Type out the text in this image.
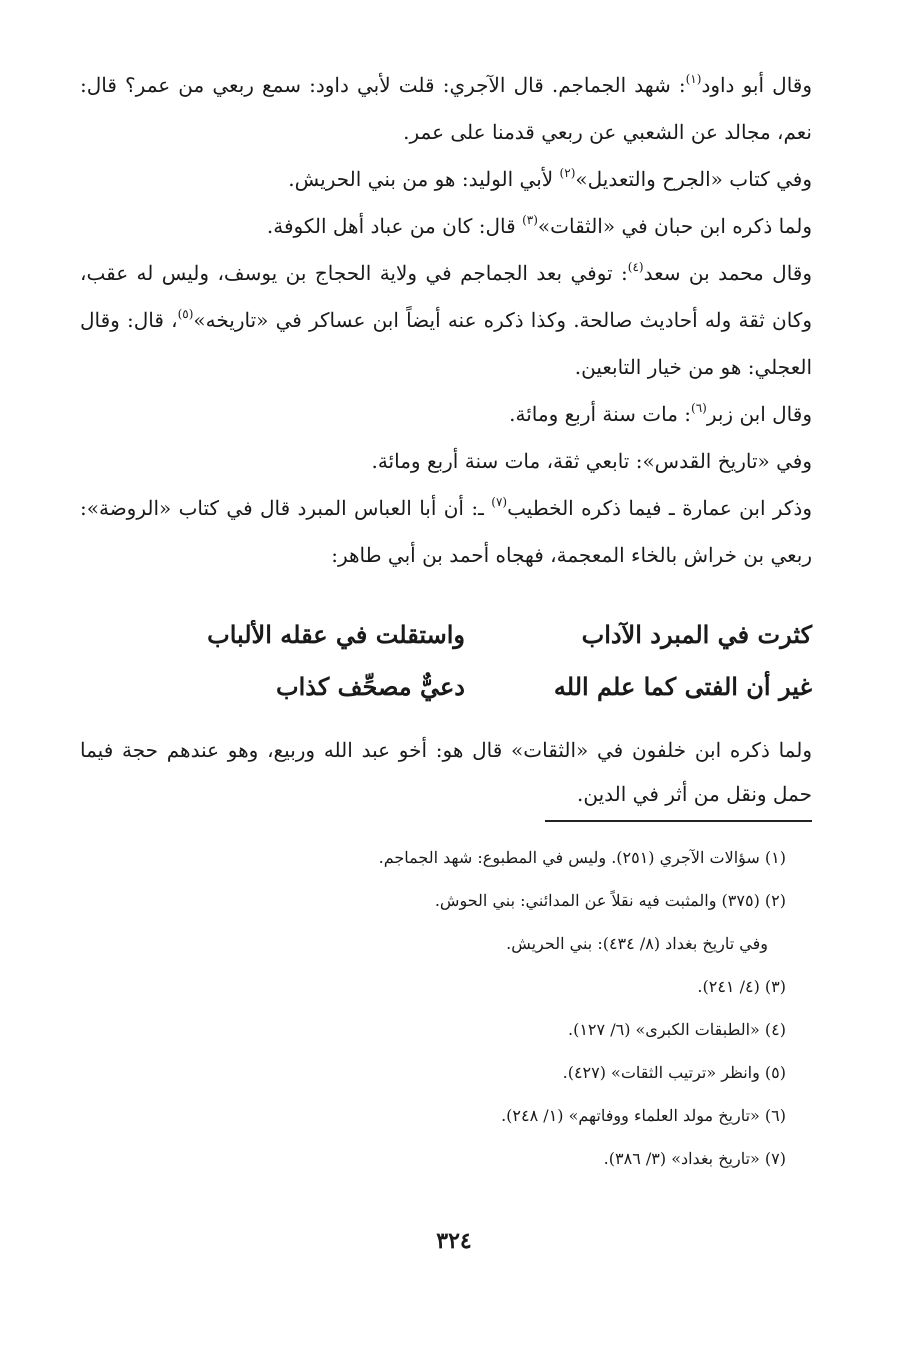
وقال أبو داود$^{(١)}$: شهد الجماجم. قال الآجري: قلت لأبي داود: سمع ربعي من عمر؟ قال: نعم، مجالد عن الشعبي عن ربعي قدمنا على عمر.

وفي كتاب «الجرح والتعديل»$^{(٢)}$ لأبي الوليد: هو من بني الحريش.

ولما ذكره ابن حبان في «الثقات»$^{(٣)}$ قال: كان من عباد أهل الكوفة.

وقال محمد بن سعد$^{(٤)}$: توفي بعد الجماجم في ولاية الحجاج بن يوسف، وليس له عقب، وكان ثقة وله أحاديث صالحة. وكذا ذكره عنه أيضاً ابن عساكر في «تاريخه»$^{(٥)}$، قال: وقال العجلي: هو من خيار التابعين.

وقال ابن زبر$^{(٦)}$: مات سنة أربع ومائة.

وفي «تاريخ القدس»: تابعي ثقة، مات سنة أربع ومائة.

وذكر ابن عمارة ـ فيما ذكره الخطيب$^{(٧)}$ ـ: أن أبا العباس المبرد قال في كتاب «الروضة»: ربعي بن خراش بالخاء المعجمة، فهجاه أحمد بن أبي طاهر:

كثرت في المبرد الآداب
واستقلت في عقله الألباب
غير أن الفتى كما علم الله
دعيٌّ مصحِّف كذاب

ولما ذكره ابن خلفون في «الثقات» قال هو: أخو عبد الله وربيع، وهو عندهم حجة فيما حمل ونقل من أثر في الدين.

(١) سؤالات الآجري (٢٥١). وليس في المطبوع: شهد الجماجم.
(٢) (٣٧٥) والمثبت فيه نقلاً عن المدائني: بني الحوش.
وفي تاريخ بغداد (٨/ ٤٣٤): بني الحريش.
(٣) (٤/ ٢٤١).
(٤) «الطبقات الكبرى» (٦/ ١٢٧).
(٥) وانظر «ترتيب الثقات» (٤٢٧).
(٦) «تاريخ مولد العلماء ووفاتهم» (١/ ٢٤٨).
(٧) «تاريخ بغداد» (٣/ ٣٨٦).
٣٢٤
